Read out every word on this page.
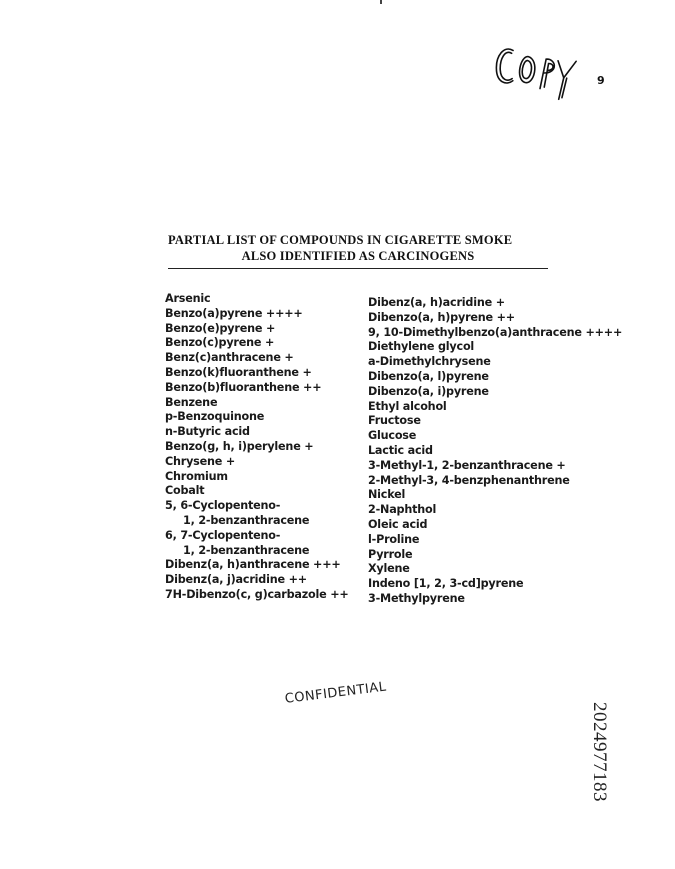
9
PARTIAL LIST OF COMPOUNDS IN CIGARETTE SMOKE
ALSO IDENTIFIED AS CARCINOGENS
Arsenic
Benzo(a)pyrene ++++
Benzo(e)pyrene +
Benzo(c)pyrene +
Benz(c)anthracene +
Benzo(k)fluoranthene +
Benzo(b)fluoranthene ++
Benzene
p-Benzoquinone
n-Butyric acid
Benzo(g, h, i)perylene +
Chrysene +
Chromium
Cobalt
5, 6-Cyclopenteno-
1, 2-benzanthracene
6, 7-Cyclopenteno-
1, 2-benzanthracene
Dibenz(a, h)anthracene +++
Dibenz(a, j)acridine ++
7H-Dibenzo(c, g)carbazole ++
Dibenz(a, h)acridine +
Dibenzo(a, h)pyrene ++
9, 10-Dimethylbenzo(a)anthracene ++++
Diethylene glycol
a-Dimethylchrysene
Dibenzo(a, l)pyrene
Dibenzo(a, i)pyrene
Ethyl alcohol
Fructose
Glucose
Lactic acid
3-Methyl-1, 2-benzanthracene +
2-Methyl-3, 4-benzphenanthrene
Nickel
2-Naphthol
Oleic acid
l-Proline
Pyrrole
Xylene
Indeno [1, 2, 3-cd]pyrene
3-Methylpyrene
CONFIDENTIAL
2024977183
